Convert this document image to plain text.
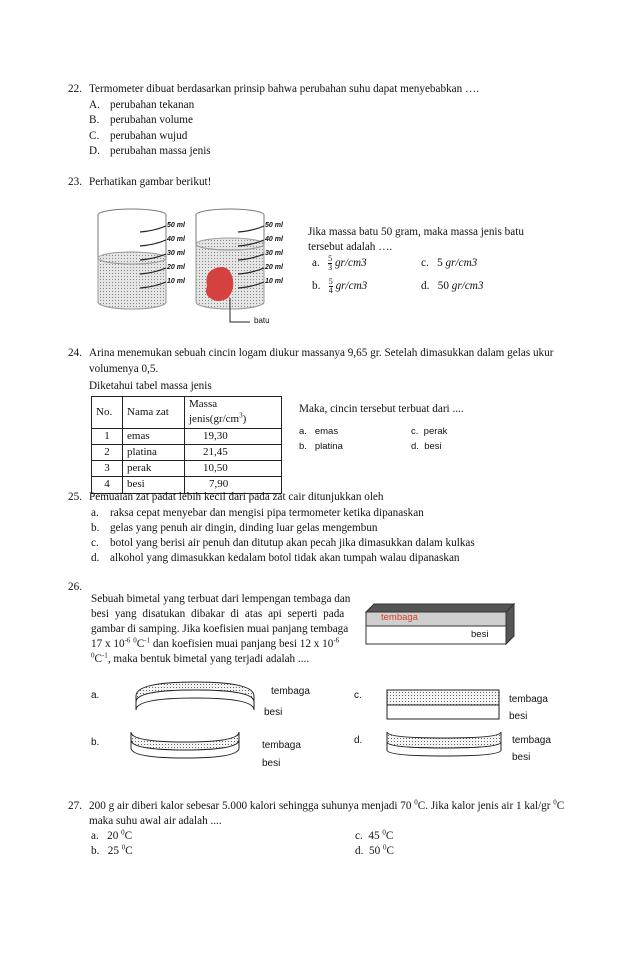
22. Termometer dibuat berdasarkan prinsip bahwa perubahan suhu dapat menyebabkan ….
A. perubahan tekanan
B. perubahan volume
C. perubahan wujud
D. perubahan massa jenis
23. Perhatikan gambar berikut!
50 ml
40 ml
30 ml
20 ml
10 ml
50 ml
40 ml
30 ml
20 ml
10 ml
batu
Jika massa batu 50 gram, maka massa jenis batu
tersebut adalah ….
a. $\frac{5}{3} gr/cm3$
b. $\frac{5}{4} gr/cm3$
c. 5 gr/cm3
d. 50 gr/cm3
24. Arina menemukan sebuah cincin logam diukur massanya 9,65 gr. Setelah dimasukkan dalam gelas ukur
volumenya 0,5.
Diketahui tabel massa jenis
No.	Nama zat	Massa $jenis(gr/cm^3)$
1	emas	19,30
2	platina	21,45
3	perak	10,50
4	besi	7,90
Maka, cincin tersebut terbuat dari ....
a. emas	c. perak
b. platina	d. besi
25. Pemuaian zat padat lebih kecil dari pada zat cair ditunjukkan oleh
a. raksa cepat menyebar dan mengisi pipa termometer ketika dipanaskan
b. gelas yang penuh air dingin, dinding luar gelas mengembun
c. botol yang berisi air penuh dan ditutup akan pecah jika dimasukkan dalam kulkas
d. alkohol yang dimasukkan kedalam botol tidak akan tumpah walau dipanaskan
26.
Sebuah bimetal yang terbuat dari lempengan tembaga dan
besi yang disatukan dibakar di atas api seperti pada
gambar di samping. Jika koefisien muai panjang tembaga
17 x $10^{-6}$ $^0C^{-1}$ dan koefisien muai panjang besi 12 x $10^{-6}$
$^0C^{-1}$, maka bentuk bimetal yang terjadi adalah ....
tembaga
besi
a.	tembaga
besi
b.	tembaga
besi
c.	tembaga
besi
d.	tembaga
besi
27. 200 g air diberi kalor sebesar 5.000 kalori sehingga suhunya menjadi 70 $^0$C. Jika kalor jenis air 1 kal/gr $^0$C
maka suhu awal air adalah ....
a. 20 $^0$C	c. 45 $^0$C
b. 25 $^0$C	d. 50 $^0$C
